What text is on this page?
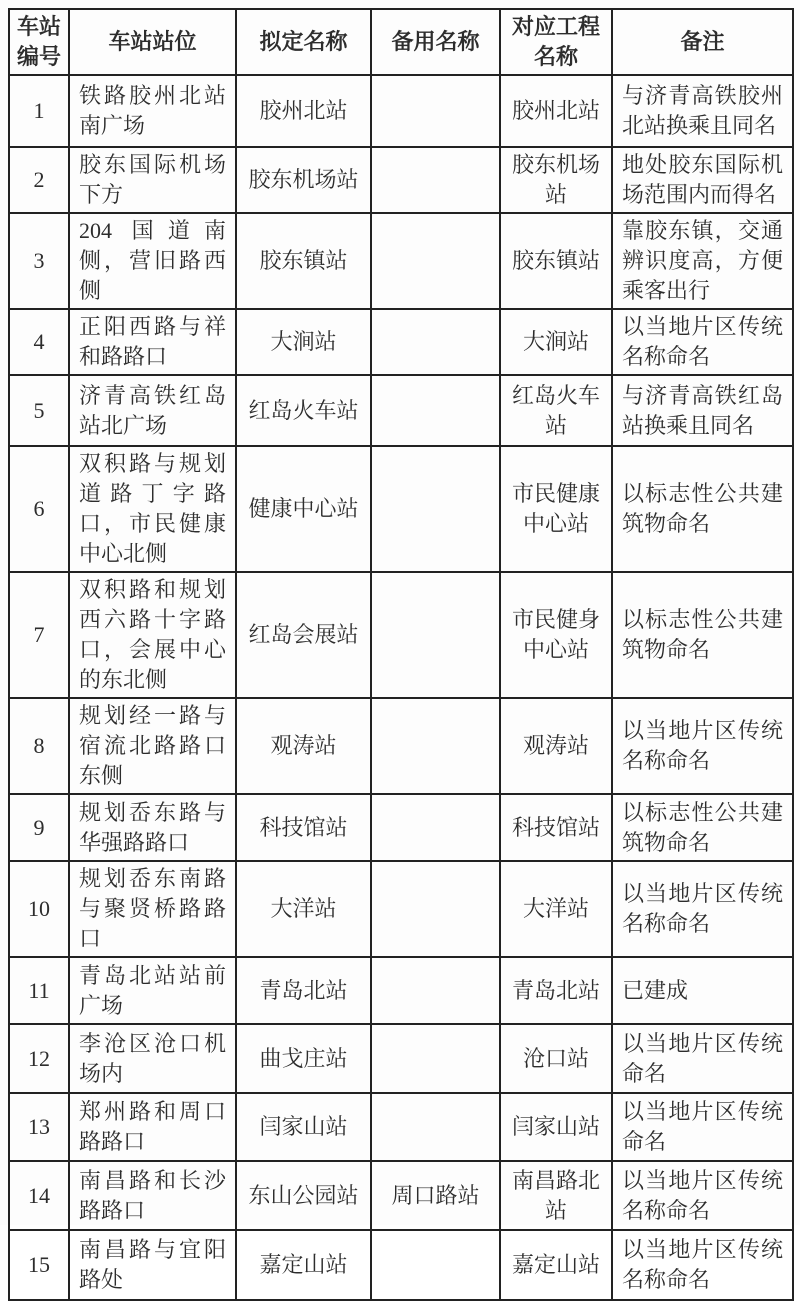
车站编号	车站站位	拟定名称	备用名称	对应工程名称	备注
1	铁路胶州北站南广场	胶州北站		胶州北站	与济青高铁胶州北站换乘且同名
2	胶东国际机场下方	胶东机场站		胶东机场站	地处胶东国际机场范围内而得名
3	204 国道南侧，营旧路西侧	胶东镇站		胶东镇站	靠胶东镇，交通辨识度高，方便乘客出行
4	正阳西路与祥和路路口	大涧站		大涧站	以当地片区传统名称命名
5	济青高铁红岛站北广场	红岛火车站		红岛火车站	与济青高铁红岛站换乘且同名
6	双积路与规划道路丁字路口，市民健康中心北侧	健康中心站		市民健康中心站	以标志性公共建筑物命名
7	双积路和规划西六路十字路口，会展中心的东北侧	红岛会展站		市民健身中心站	以标志性公共建筑物命名
8	规划经一路与宿流北路路口东侧	观涛站		观涛站	以当地片区传统名称命名
9	规划岙东路与华强路路口	科技馆站		科技馆站	以标志性公共建筑物命名
10	规划岙东南路与聚贤桥路路口	大洋站		大洋站	以当地片区传统名称命名
11	青岛北站站前广场	青岛北站		青岛北站	已建成
12	李沧区沧口机场内	曲戈庄站		沧口站	以当地片区传统命名
13	郑州路和周口路路口	闫家山站		闫家山站	以当地片区传统命名
14	南昌路和长沙路路口	东山公园站	周口路站	南昌路北站	以当地片区传统名称命名
15	南昌路与宜阳路处	嘉定山站		嘉定山站	以当地片区传统名称命名
